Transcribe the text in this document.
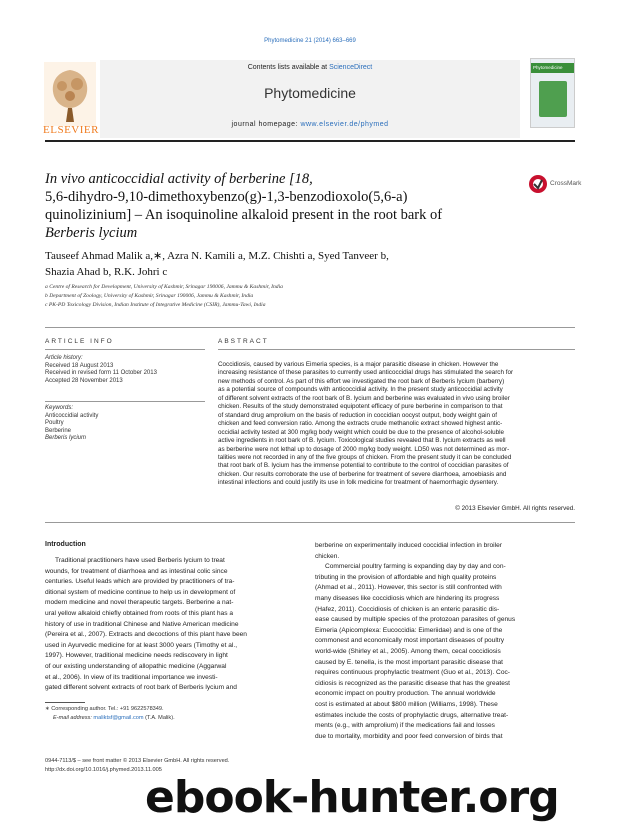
Phytomedicine 21 (2014) 663–669
Contents lists available at ScienceDirect
Phytomedicine
journal homepage: www.elsevier.de/phymed
ELSEVIER
Phytomedicine
In vivo anticoccidial activity of berberine [18,
5,6-dihydro-9,10-dimethoxybenzo(g)-1,3-benzodioxolo(5,6-a)
quinolizinium] – An isoquinoline alkaloid present in the root bark of
Berberis lycium
CrossMark
Tauseef Ahmad Malik a,∗, Azra N. Kamili a, M.Z. Chishti a, Syed Tanveer b,
Shazia Ahad b, R.K. Johri c
a Centre of Research for Development, University of Kashmir, Srinagar 190006, Jammu & Kashmir, India
b Department of Zoology, University of Kashmir, Srinagar 190006, Jammu & Kashmir, India
c PK-PD Toxicology Division, Indian Institute of Integrative Medicine (CSIR), Jammu-Tawi, India
ARTICLE INFO
Article history:
Received 18 August 2013
Received in revised form 11 October 2013
Accepted 28 November 2013
Keywords:
Anticoccidial activity
Poultry
Berberine
Berberis lycium
ABSTRACT
Coccidiosis, caused by various Eimeria species, is a major parasitic disease in chicken. However the
increasing resistance of these parasites to currently used anticoccidial drugs has stimulated the search for
new methods of control. As part of this effort we investigated the root bark of Berberis lycium (barberry)
as a potential source of compounds with anticoccidial activity. In the present study anticoccidial activity
of different solvent extracts of the root bark of B. lycium and berberine was evaluated in vivo using broiler
chicken. Results of the study demonstrated equipotent efficacy of pure berberine in comparison to that
of standard drug amprolium on the basis of reduction in coccidian oocyst output, body weight gain of
chicken and feed conversion ratio. Among the extracts crude methanolic extract showed highest antic-
occidial activity tested at 300 mg/kg body weight which could be due to the presence of alcohol-soluble
active ingredients in root bark of B. lycium. Toxicological studies revealed that B. lycium extracts as well
as berberine were not lethal up to dosage of 2000 mg/kg body weight. LD50 was not determined as mor-
talities were not recorded in any of the five groups of chicken. From the present study it can be concluded
that root bark of B. lycium has the immense potential to contribute to the control of coccidian parasites of
chicken. Our results corroborate the use of berberine for treatment of severe diarrhoea, amoebiasis and
intestinal infections and could justify its use in folk medicine for treatment of haemorrhagic dysentery.
© 2013 Elsevier GmbH. All rights reserved.
Introduction
Traditional practitioners have used Berberis lycium to treat
wounds, for treatment of diarrhoea and as intestinal colic since
centuries. Useful leads which are provided by practitioners of tra-
ditional system of medicine continue to help us in development of
modern medicine and novel therapeutic targets. Berberine a nat-
ural yellow alkaloid chiefly obtained from roots of this plant has a
history of use in traditional Chinese and Native American medicine
(Pereira et al., 2007). Extracts and decoctions of this plant have been
used in Ayurvedic medicine for at least 3000 years (Timothy et al.,
1997). However, traditional medicine needs rediscovery in light
of our existing understanding of allopathic medicine (Aggarwal
et al., 2006). In view of its traditional importance we investi-
gated different solvent extracts of root bark of Berberis lycium and
berberine on experimentally induced coccidial infection in broiler
chicken.
Commercial poultry farming is expanding day by day and con-
tributing in the provision of affordable and high quality proteins
(Ahmad et al., 2011). However, this sector is still confronted with
many diseases like coccidiosis which are hindering its progress
(Hafez, 2011). Coccidiosis of chicken is an enteric parasitic dis-
ease caused by multiple species of the protozoan parasites of genus
Eimeria (Apicomplexa: Eucoccidia: Eimeriidae) and is one of the
commonest and economically most important diseases of poultry
world-wide (Shirley et al., 2005). Among them, cecal coccidiosis
caused by E. tenella, is the most important parasitic disease that
requires continuous prophylactic treatment (Guo et al., 2013). Coc-
cidiosis is recognized as the parasitic disease that has the greatest
economic impact on poultry production. The annual worldwide
cost is estimated at about $800 million (Williams, 1998). These
estimates include the costs of prophylactic drugs, alternative treat-
ments (e.g., with amprolium) if the medications fail and losses
due to mortality, morbidity and poor feed conversion of birds that
∗ Corresponding author. Tel.: +91 9622578349.
E-mail address: maliktsf@gmail.com (T.A. Malik).
0944-7113/$ – see front matter © 2013 Elsevier GmbH. All rights reserved.
http://dx.doi.org/10.1016/j.phymed.2013.11.005
ebook-hunter.org
